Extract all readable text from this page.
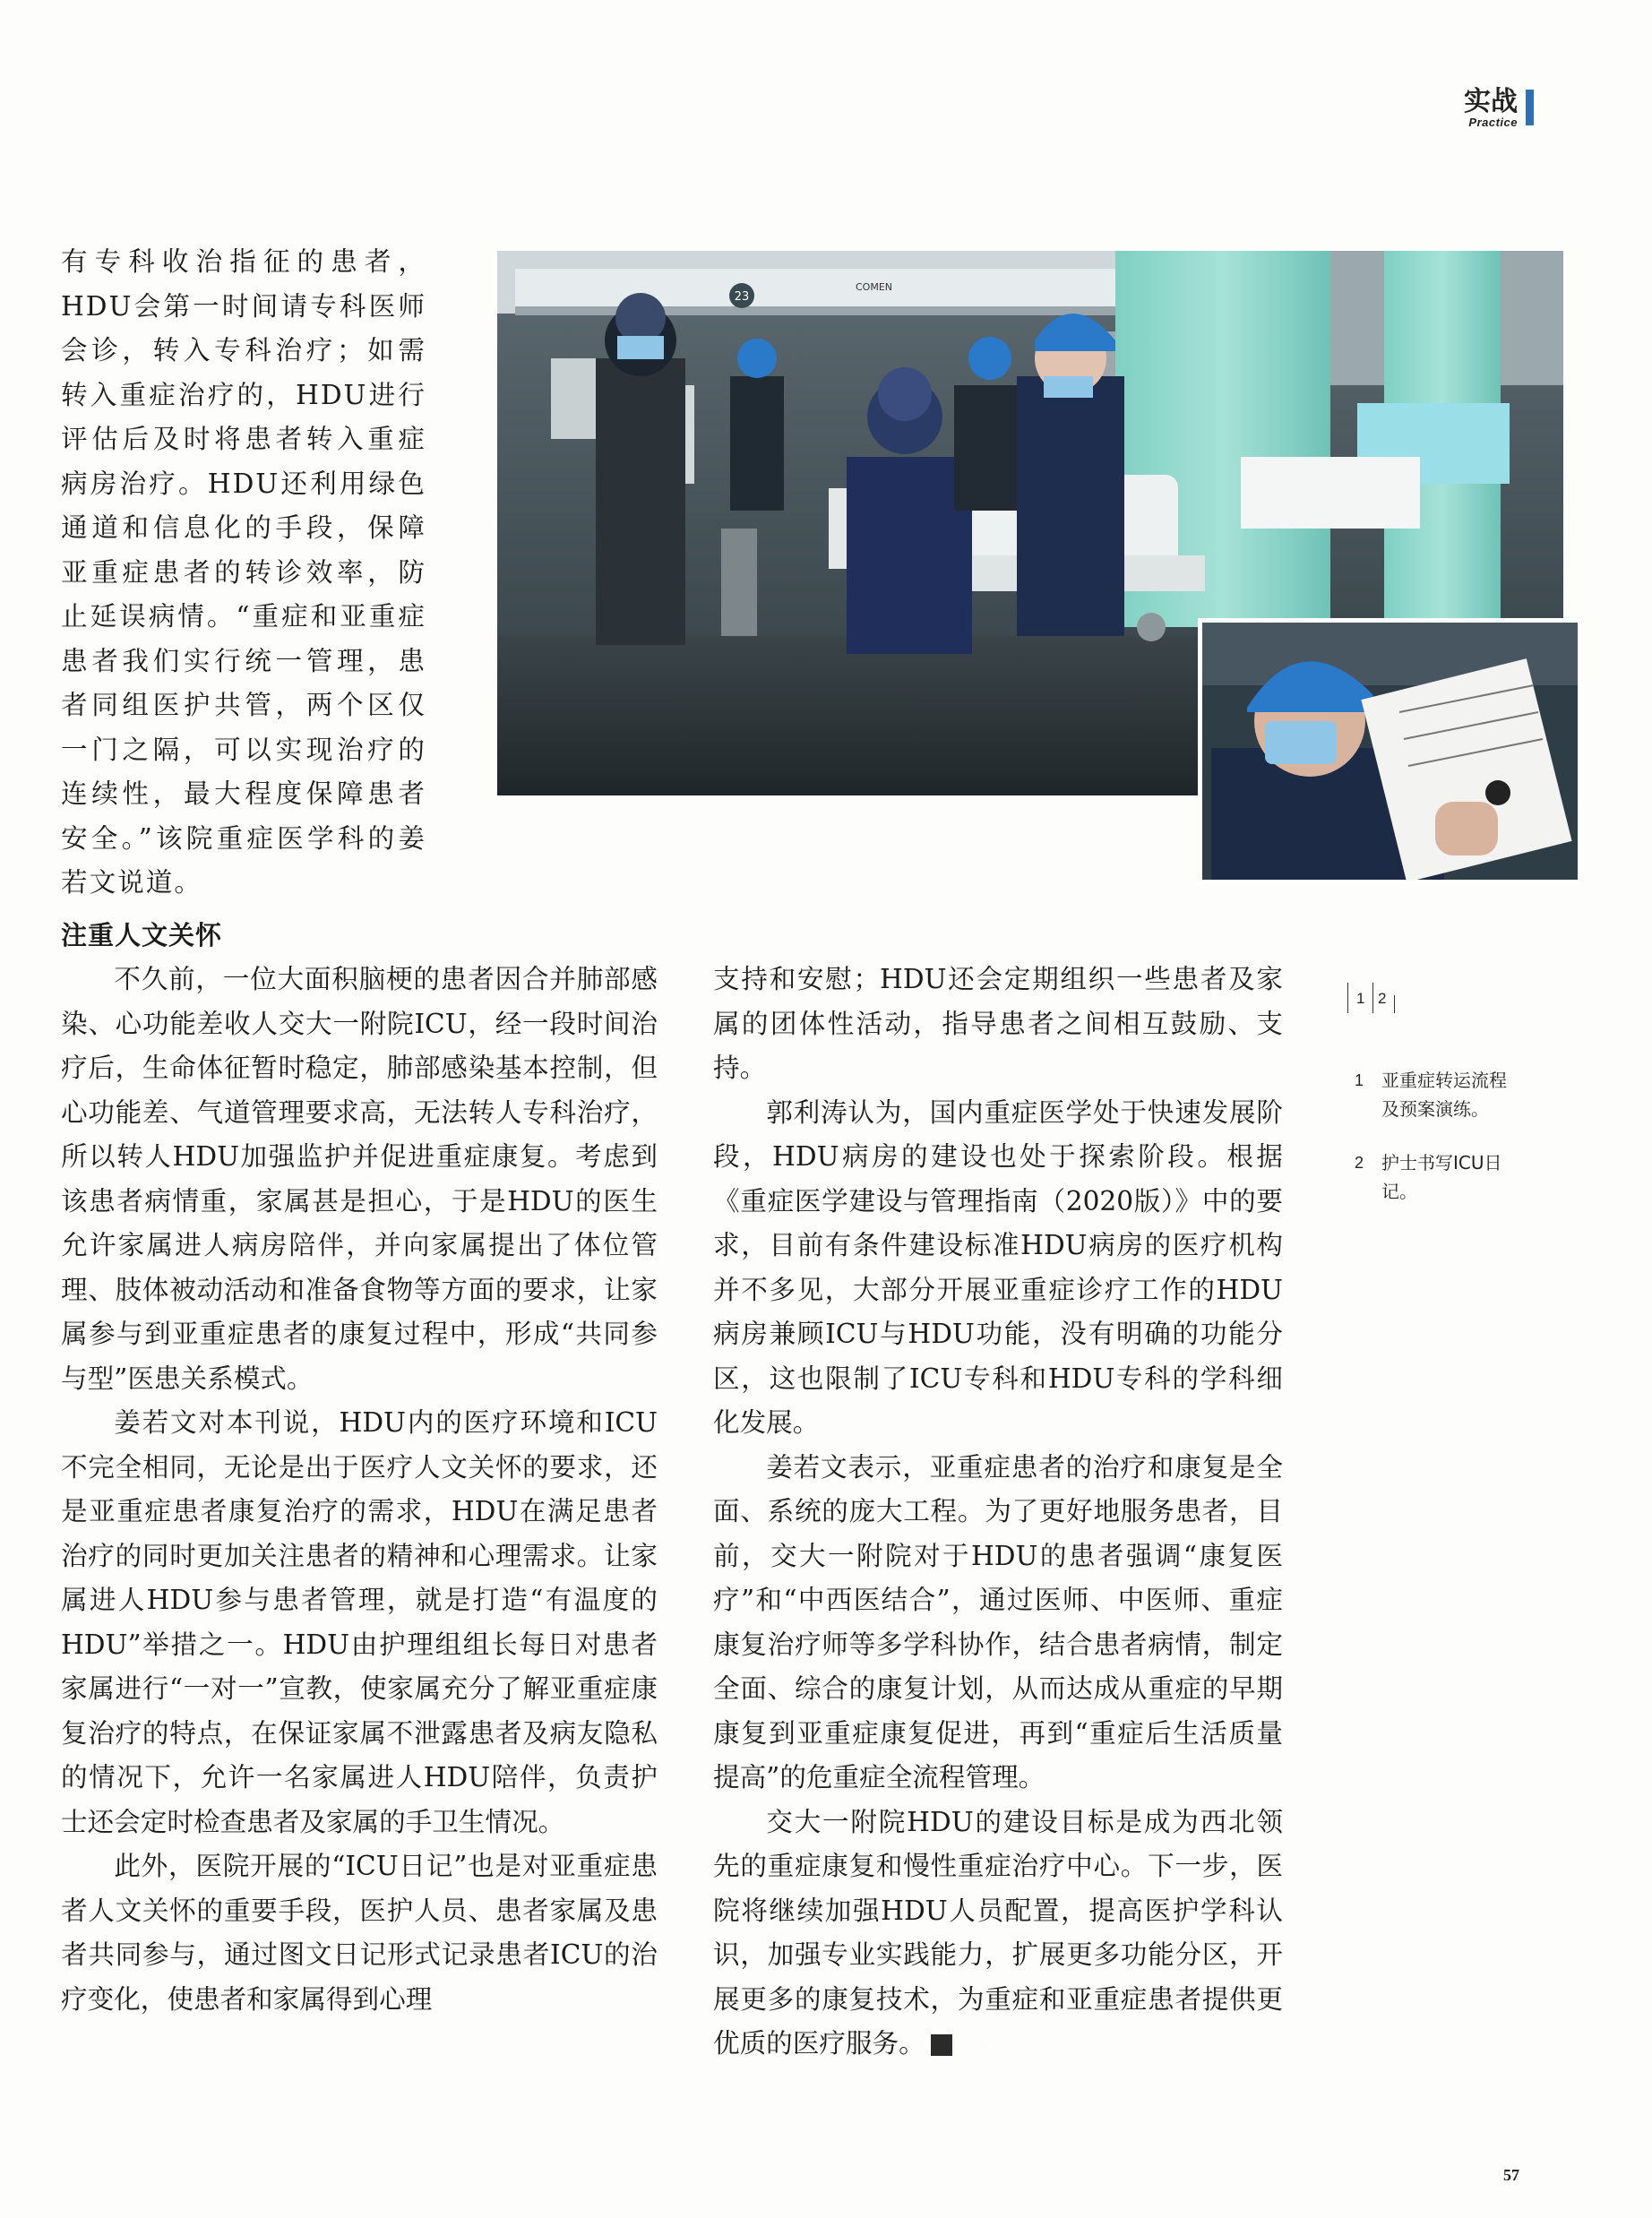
实战
Practice

有专科收治指征的患者，HDU会第一时间请专科医师会诊，转入专科治疗；如需转入重症治疗的，HDU进行评估后及时将患者转入重症病房治疗。HDU还利用绿色通道和信息化的手段，保障亚重症患者的转诊效率，防止延误病情。“重症和亚重症患者我们实行统一管理，患者同组医护共管，两个区仅一门之隔，可以实现治疗的连续性，最大程度保障患者安全。”该院重症医学科的姜若文说道。

23
COMEN
注重人文关怀

不久前，一位大面积脑梗的患者因合并肺部感染、心功能差收人交大一附院ICU，经一段时间治疗后，生命体征暂时稳定，肺部感染基本控制，但心功能差、气道管理要求高，无法转人专科治疗，所以转人HDU加强监护并促进重症康复。考虑到该患者病情重，家属甚是担心，于是HDU的医生允许家属进人病房陪伴，并向家属提出了体位管理、肢体被动活动和准备食物等方面的要求，让家属参与到亚重症患者的康复过程中，形成“共同参与型”医患关系模式。

姜若文对本刊说，HDU内的医疗环境和ICU不完全相同，无论是出于医疗人文关怀的要求，还是亚重症患者康复治疗的需求，HDU在满足患者治疗的同时更加关注患者的精神和心理需求。让家属进人HDU参与患者管理，就是打造“有温度的HDU”举措之一。HDU由护理组组长每日对患者家属进行“一对一”宣教，使家属充分了解亚重症康复治疗的特点，在保证家属不泄露患者及病友隐私的情况下，允许一名家属进人HDU陪伴，负责护士还会定时检查患者及家属的手卫生情况。

此外，医院开展的“ICU日记”也是对亚重症患者人文关怀的重要手段，医护人员、患者家属及患者共同参与，通过图文日记形式记录患者ICU的治疗变化，使患者和家属得到心理

支持和安慰；HDU还会定期组织一些患者及家属的团体性活动，指导患者之间相互鼓励、支持。

郭利涛认为，国内重症医学处于快速发展阶段，HDU病房的建设也处于探索阶段。根据《重症医学建设与管理指南（2020版）》中的要求，目前有条件建设标准HDU病房的医疗机构并不多见，大部分开展亚重症诊疗工作的HDU病房兼顾ICU与HDU功能，没有明确的功能分区，这也限制了ICU专科和HDU专科的学科细化发展。

姜若文表示，亚重症患者的治疗和康复是全面、系统的庞大工程。为了更好地服务患者，目前，交大一附院对于HDU的患者强调“康复医疗”和“中西医结合”，通过医师、中医师、重症康复治疗师等多学科协作，结合患者病情，制定全面、综合的康复计划，从而达成从重症的早期康复到亚重症康复促进，再到“重症后生活质量提高”的危重症全流程管理。

交大一附院HDU的建设目标是成为西北领先的重症康复和慢性重症治疗中心。下一步，医院将继续加强HDU人员配置，提高医护学科认识，加强专业实践能力，扩展更多功能分区，开展更多的康复技术，为重症和亚重症患者提供更优质的医疗服务。	Ξ

1 2
1 亚重症转运流程及预案演练。
2 护士书写ICU日记。
57
